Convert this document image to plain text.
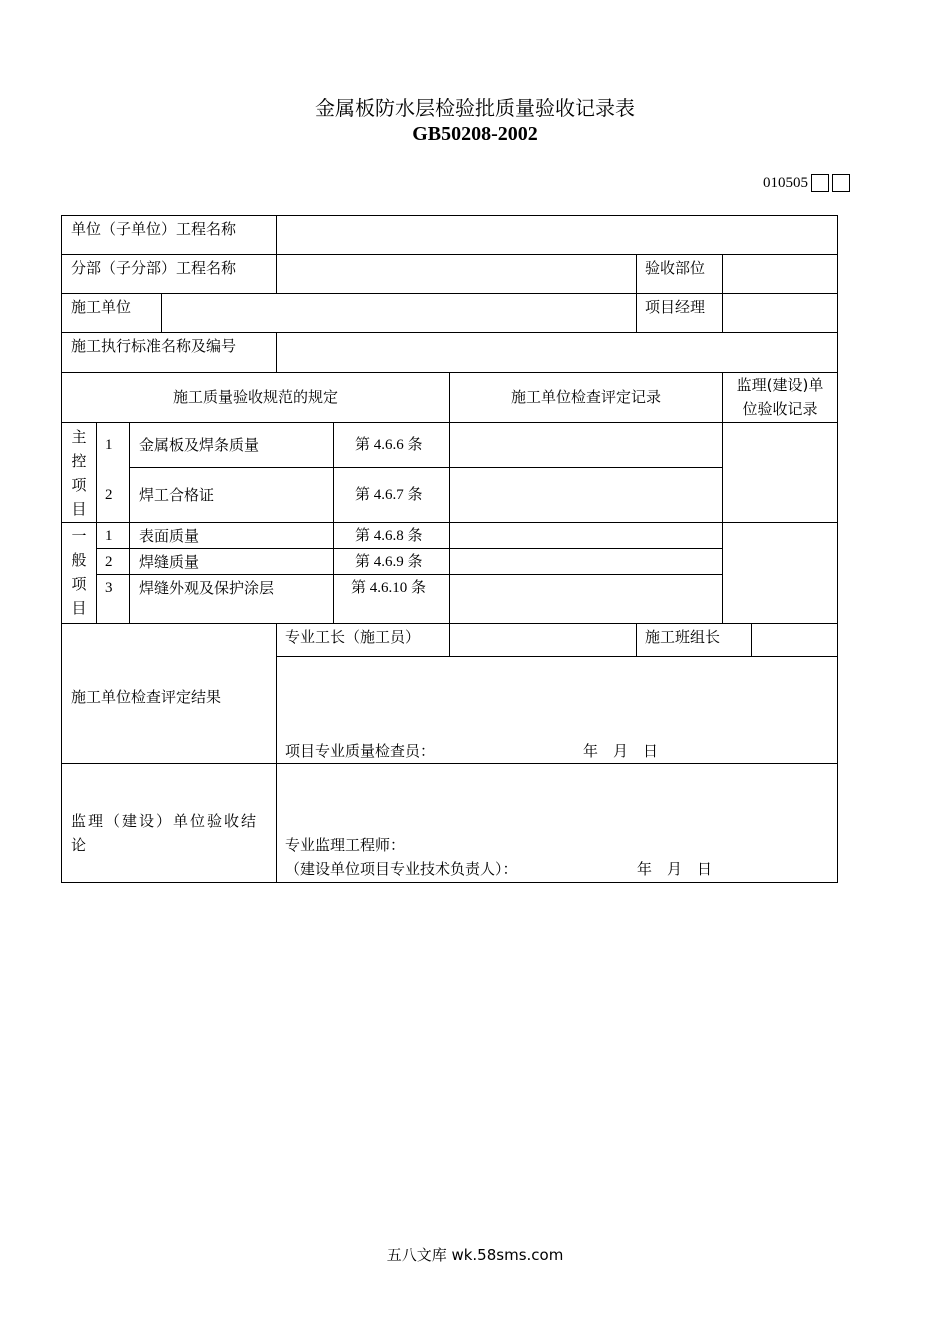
金属板防水层检验批质量验收记录表
GB50208-2002
010505
单位（子单位）工程名称
分部（子分部）工程名称	验收部位
施工单位	项目经理
施工执行标准名称及编号
施工质量验收规范的规定	施工单位检查评定记录
监理(建设)单
位验收记录
主
控
项
目
1 金属板及焊条质量	第 4.6.6 条
2 焊工合格证	第 4.6.7 条
一
般
项
目
1 表面质量	第 4.6.8 条
2 焊缝质量	第 4.6.9 条
3 焊缝外观及保护涂层	第 4.6.10 条
专业工长（施工员）	施工班组长
施工单位检查评定结果
项目专业质量检查员：	年　月　日
监理（建设）单位验收结
论	专业监理工程师：
（建设单位项目专业技术负责人）：	年　月　日
五八文库 wk.58sms.com
